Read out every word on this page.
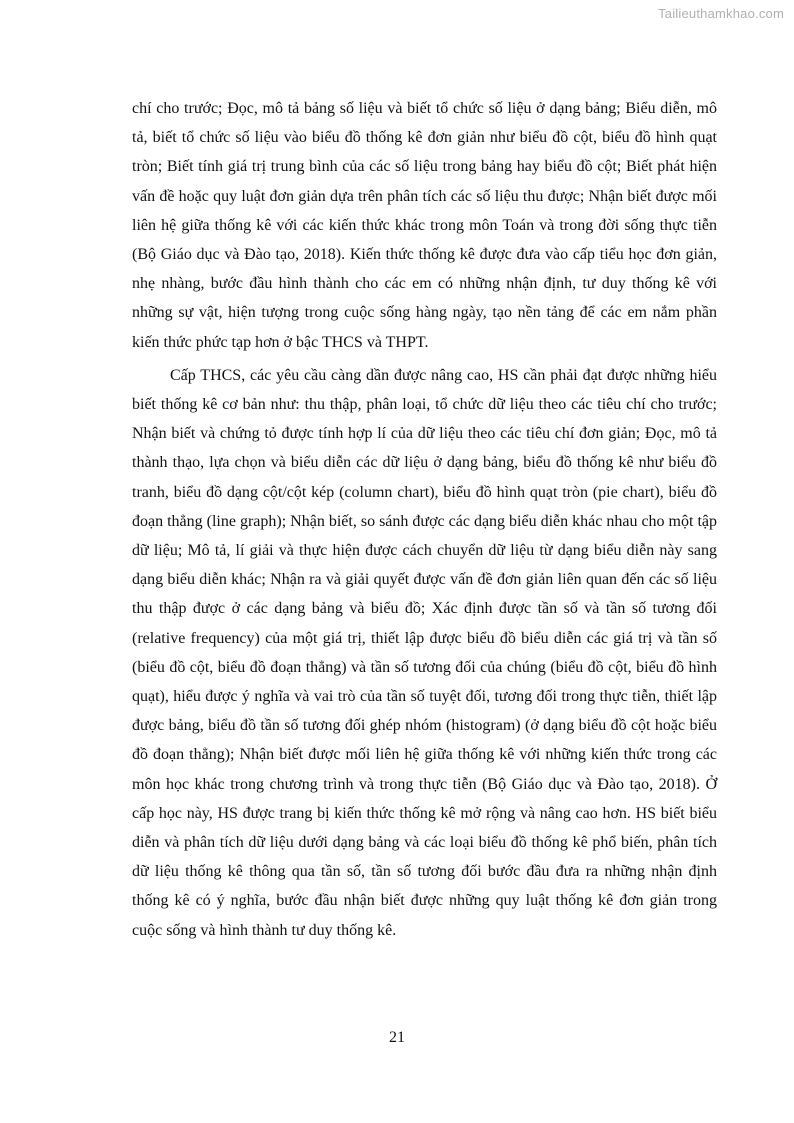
Tailieuthamkhao.com

chí cho trước; Đọc, mô tả bảng số liệu và biết tổ chức số liệu ở dạng bảng; Biểu diễn, mô tả, biết tổ chức số liệu vào biểu đồ thống kê đơn giản như biểu đồ cột, biểu đồ hình quạt tròn; Biết tính giá trị trung bình của các số liệu trong bảng hay biểu đồ cột; Biết phát hiện vấn đề hoặc quy luật đơn giản dựa trên phân tích các số liệu thu được; Nhận biết được mối liên hệ giữa thống kê với các kiến thức khác trong môn Toán và trong đời sống thực tiễn (Bộ Giáo dục và Đào tạo, 2018). Kiến thức thống kê được đưa vào cấp tiểu học đơn giản, nhẹ nhàng, bước đầu hình thành cho các em có những nhận định, tư duy thống kê với những sự vật, hiện tượng trong cuộc sống hàng ngày, tạo nền tảng để các em nắm phần kiến thức phức tạp hơn ở bậc THCS và THPT.

Cấp THCS, các yêu cầu càng dần được nâng cao, HS cần phải đạt được những hiểu biết thống kê cơ bản như: thu thập, phân loại, tổ chức dữ liệu theo các tiêu chí cho trước; Nhận biết và chứng tỏ được tính hợp lí của dữ liệu theo các tiêu chí đơn giản; Đọc, mô tả thành thạo, lựa chọn và biểu diễn các dữ liệu ở dạng bảng, biểu đồ thống kê như biểu đồ tranh, biểu đồ dạng cột/cột kép (column chart), biểu đồ hình quạt tròn (pie chart), biểu đồ đoạn thẳng (line graph); Nhận biết, so sánh được các dạng biểu diễn khác nhau cho một tập dữ liệu; Mô tả, lí giải và thực hiện được cách chuyển dữ liệu từ dạng biểu diễn này sang dạng biểu diễn khác; Nhận ra và giải quyết được vấn đề đơn giản liên quan đến các số liệu thu thập được ở các dạng bảng và biểu đồ; Xác định được tần số và tần số tương đối (relative frequency) của một giá trị, thiết lập được biểu đồ biểu diễn các giá trị và tần số (biểu đồ cột, biểu đồ đoạn thẳng) và tần số tương đối của chúng (biểu đồ cột, biểu đồ hình quạt), hiểu được ý nghĩa và vai trò của tần số tuyệt đối, tương đối trong thực tiễn, thiết lập được bảng, biểu đồ tần số tương đối ghép nhóm (histogram) (ở dạng biểu đồ cột hoặc biểu đồ đoạn thẳng); Nhận biết được mối liên hệ giữa thống kê với những kiến thức trong các môn học khác trong chương trình và trong thực tiễn (Bộ Giáo dục và Đào tạo, 2018). Ở cấp học này, HS được trang bị kiến thức thống kê mở rộng và nâng cao hơn. HS biết biểu diễn và phân tích dữ liệu dưới dạng bảng và các loại biểu đồ thống kê phổ biến, phân tích dữ liệu thống kê thông qua tần số, tần số tương đối bước đầu đưa ra những nhận định thống kê có ý nghĩa, bước đầu nhận biết được những quy luật thống kê đơn giản trong cuộc sống và hình thành tư duy thống kê.

21
